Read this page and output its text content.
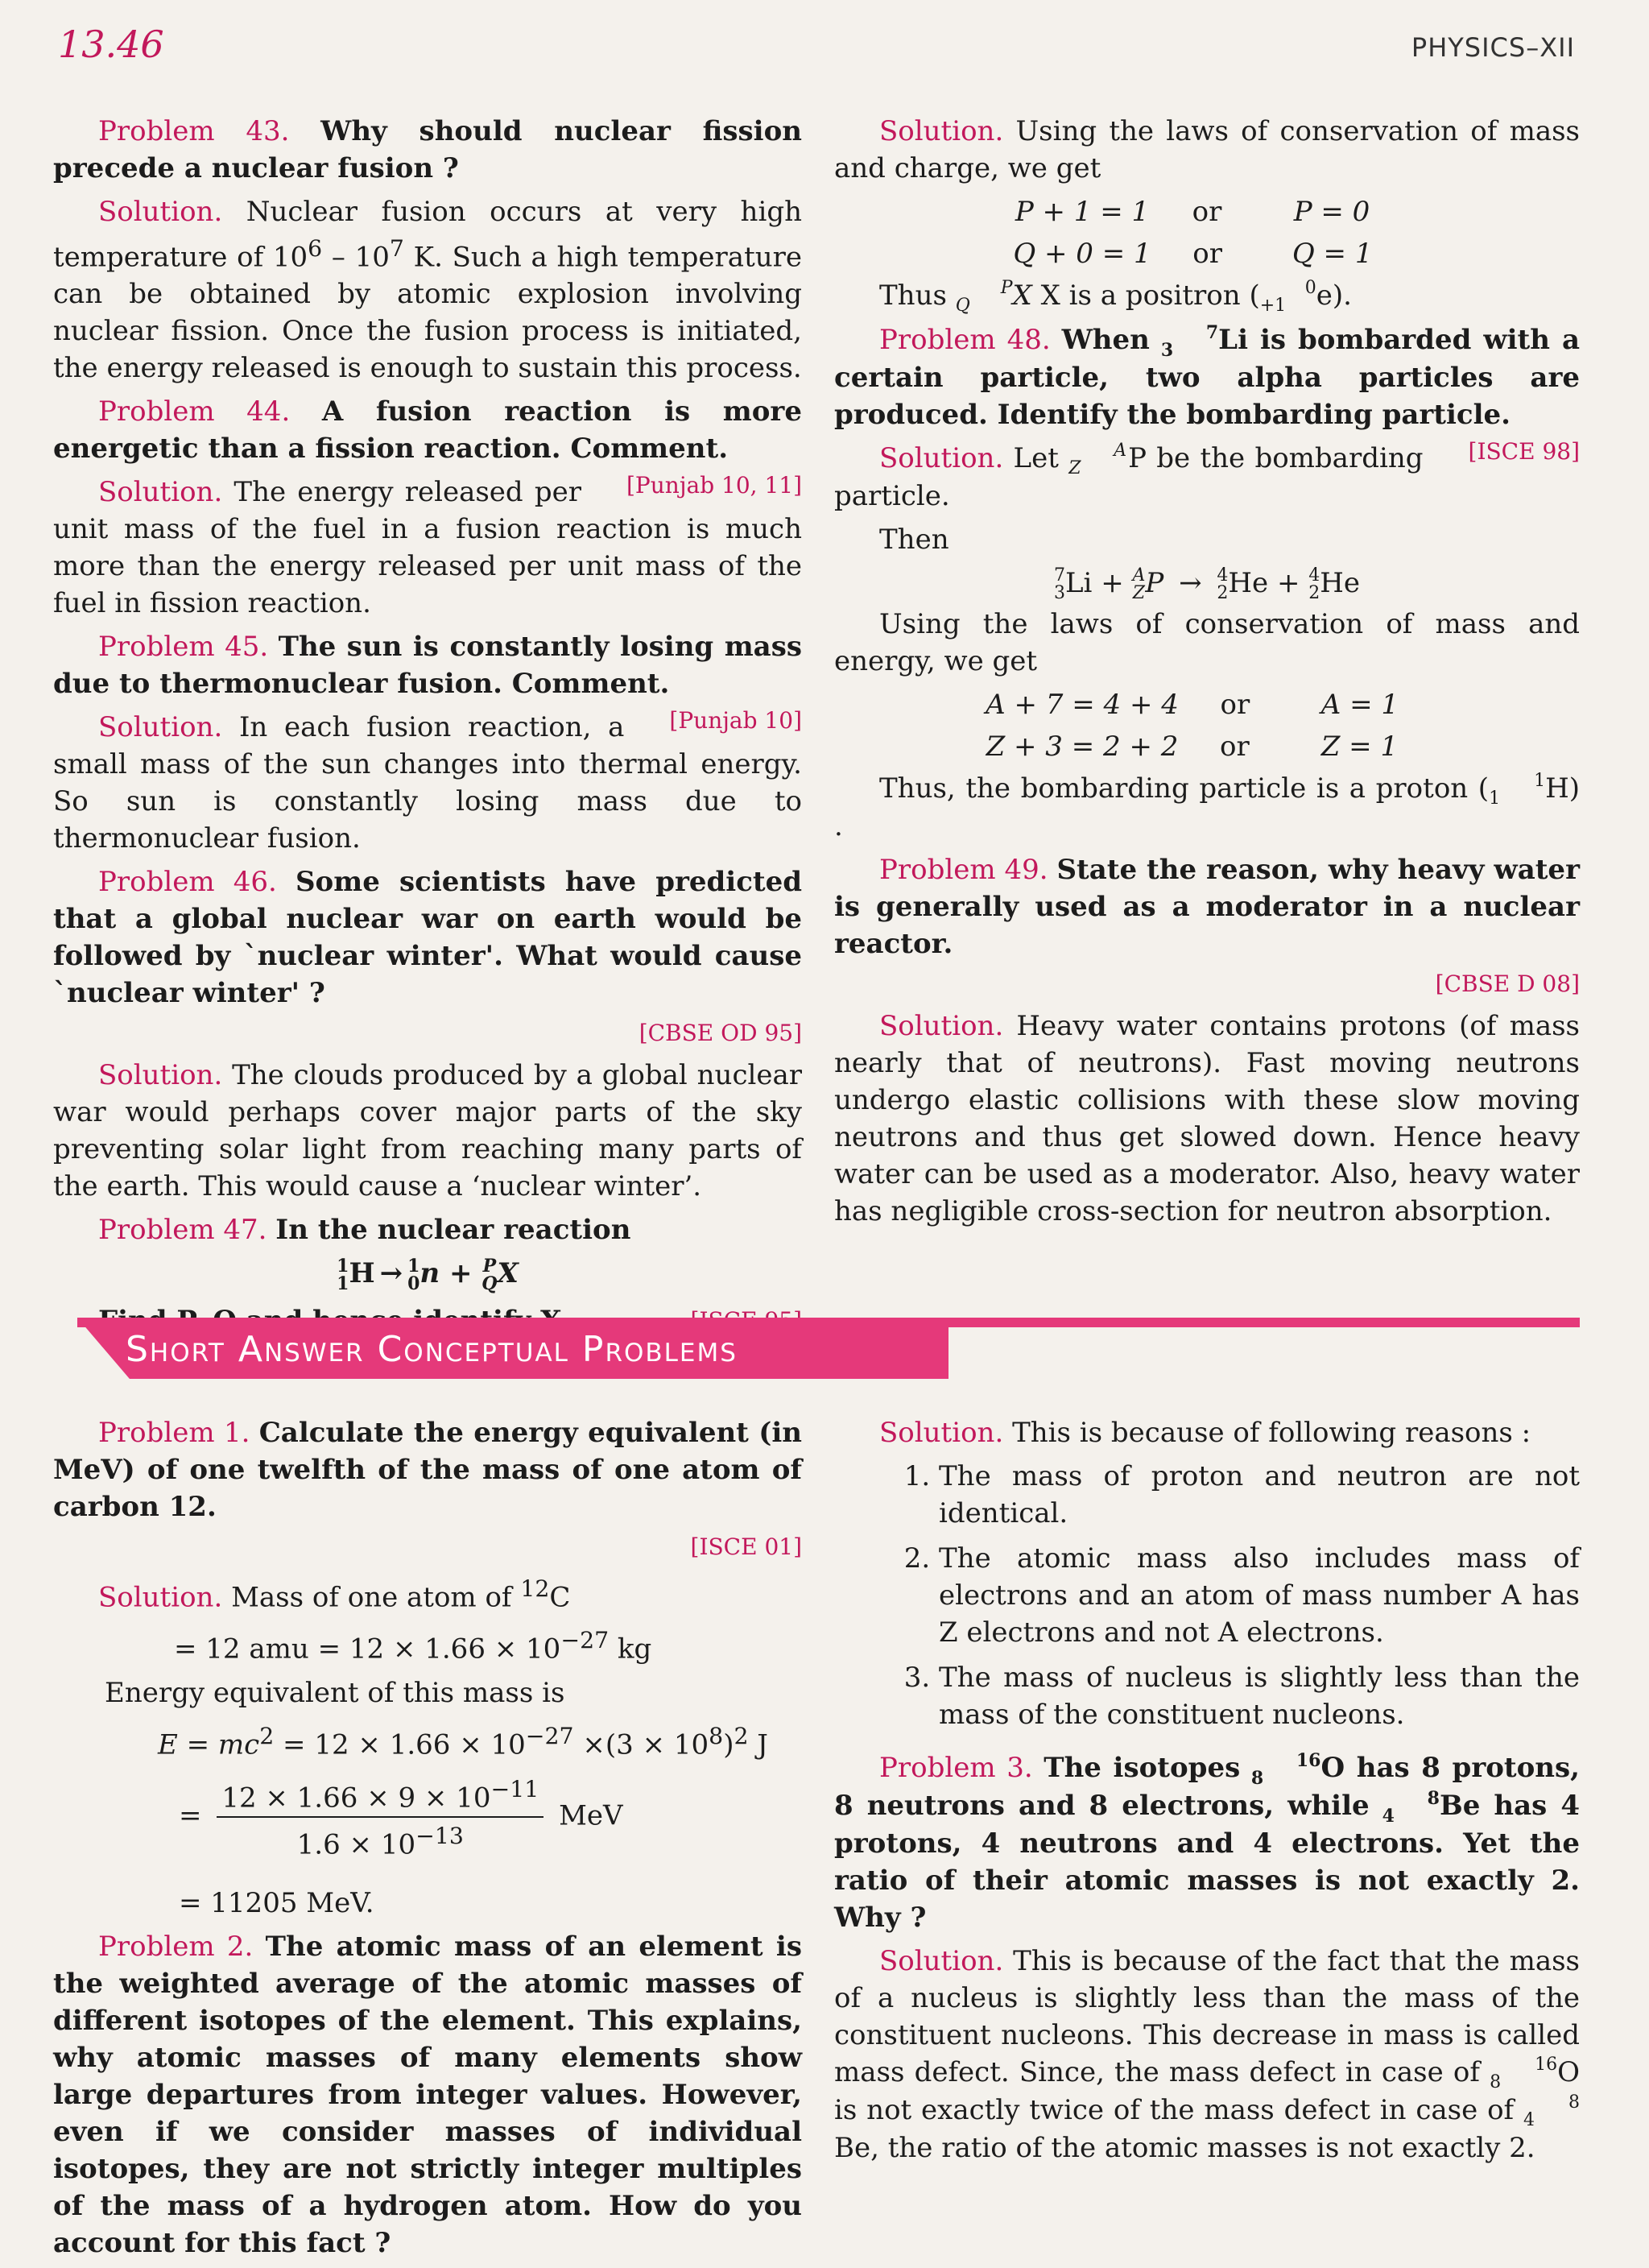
13.46	PHYSICS–XII

Problem 43. Why should nuclear fission precede a nuclear fusion ?

Solution. Nuclear fusion occurs at very high temperature of $10^6 - 10^7$ K. Such a high temperature can be obtained by atomic explosion involving nuclear fission. Once the fusion process is initiated, the energy released is enough to sustain this process.

Problem 44. A fusion reaction is more energetic than a fission reaction. Comment.
[Punjab 10, 11]

Solution. The energy released per unit mass of the fuel in a fusion reaction is much more than the energy released per unit mass of the fuel in fission reaction.

Problem 45. The sun is constantly losing mass due to thermonuclear fusion. Comment.
[Punjab 10]

Solution. In each fusion reaction, a small mass of the sun changes into thermal energy. So sun is constantly losing mass due to thermonuclear fusion.

Problem 46. Some scientists have predicted that a global nuclear war on earth would be followed by `nuclear winter'. What would cause `nuclear winter' ?

[CBSE OD 95]

Solution. The clouds produced by a global nuclear war would perhaps cover major parts of the sky preventing solar light from reaching many parts of the earth. This would cause a ‘nuclear winter’.

Problem 47. In the nuclear reaction

1
1H → 1
0n + P
QX

Solution. Using the laws of conservation of mass and charge, we get

P + 1 = 1	or	P = 0
Q + 0 = 1	or	Q = 1

Thus	P
Q X X is a positron (	0
+1 e).

Problem 48. When	7
3 Li is bombarded with a certain particle, two alpha particles are produced. Identify the bombarding particle.
[ISCE 98]

Solution. Let	A
Z P be the bombarding particle.

Then

7
3Li + A
ZP → 4
2He + 4
2He

Using the laws of conservation of mass and energy, we get

A + 7 = 4 + 4	or	A = 1
Z + 3 = 2 + 2	or	Z = 1

Thus, the bombarding particle is a proton (	1
1 H) .

Problem 49. State the reason, why heavy water is generally used as a moderator in a nuclear reactor.

[CBSE D 08]

Solution. Heavy water contains protons (of mass nearly that of neutrons). Fast moving neutrons undergo elastic collisions with these slow moving neutrons and thus get slowed down. Hence heavy water can be used as a moderator. Also, heavy water has negligible cross-section for neutron absorption.

Short Answer Conceptual Problems

Problem 1. Calculate the energy equivalent (in MeV) of one twelfth of the mass of one atom of carbon 12.

[ISCE 01]

Solution. Mass of one atom of $^{12}$C

= 12 amu = $12 \times 1.66 \times 10^{-27}$ kg

Energy equivalent of this mass is

$E = mc^2 = 12 \times 1.66 \times 10^{-27} \times(3 \times 10^8)^2$ J

= $\frac{12 \times 1.66 \times 9 \times 10^{-11}}{1.6 \times 10^{-13}}$ MeV

= 11205 MeV.

Problem 2. The atomic mass of an element is the weighted average of the atomic masses of different isotopes of the element. This explains, why atomic masses of many elements show large departures from integer values. However, even if we consider masses of individual isotopes, they are not strictly integer multiples of the mass of a hydrogen atom. How do you account for this fact ?

Solution. This is because of following reasons :

1. The mass of proton and neutron are not identical.
2. The atomic mass also includes mass of electrons and an atom of mass number A has Z electrons and not A electrons.
3. The mass of nucleus is slightly less than the mass of the constituent nucleons.

Problem 3. The isotopes	16
8 O has 8 protons, 8 neutrons and 8 electrons, while	8
4 Be has 4 protons, 4 neutrons and 4 electrons. Yet the ratio of their atomic masses is not exactly 2. Why ?

Solution. This is because of the fact that the mass of a nucleus is slightly less than the mass of the constituent nucleons. This decrease in mass is called mass defect. Since, the mass defect in case of	16
8 O is not exactly twice of the mass defect in case of	8
4Be, the ratio of the atomic masses is not exactly 2.
